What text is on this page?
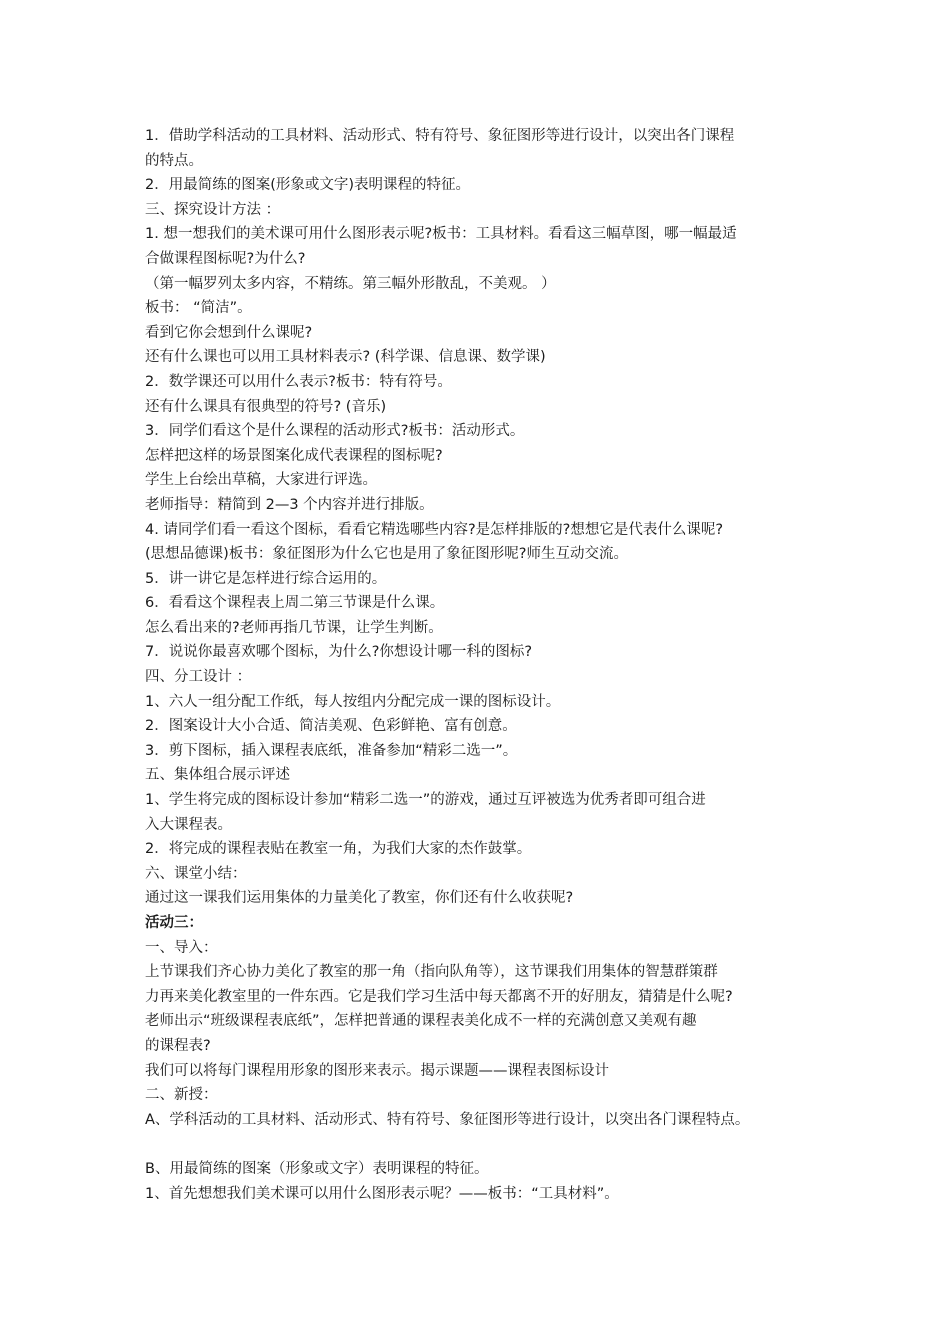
1．借助学科活动的工具材料、活动形式、特有符号、象征图形等进行设计，以突出各门课程
的特点。
2．用最简练的图案(形象或文字)表明课程的特征。
三、探究设计方法 ：
1. 想一想我们的美术课可用什么图形表示呢?板书：工具材料。看看这三幅草图，哪一幅最适
合做课程图标呢?为什么?
（第一幅罗列太多内容，不精练。第三幅外形散乱，不美观。 ）
板书： “简洁”。
看到它你会想到什么课呢?
还有什么课也可以用工具材料表示? (科学课、信息课、数学课)
2．数学课还可以用什么表示?板书：特有符号。
还有什么课具有很典型的符号? (音乐)
3．同学们看这个是什么课程的活动形式?板书：活动形式。
怎样把这样的场景图案化成代表课程的图标呢?
学生上台绘出草稿，大家进行评选。
老师指导：精简到 2—3 个内容并进行排版。
4. 请同学们看一看这个图标，看看它精选哪些内容?是怎样排版的?想想它是代表什么课呢?
(思想品德课)板书：象征图形为什么它也是用了象征图形呢?师生互动交流。
5．讲一讲它是怎样进行综合运用的。
6．看看这个课程表上周二第三节课是什么课。
怎么看出来的?老师再指几节课，让学生判断。
7．说说你最喜欢哪个图标，为什么?你想设计哪一科的图标?
四、分工设计 ：
1、六人一组分配工作纸，每人按组内分配完成一课的图标设计。
2．图案设计大小合适、简洁美观、色彩鲜艳、富有创意。
3．剪下图标，插入课程表底纸，准备参加“精彩二选一”。
五、集体组合展示评述
1、学生将完成的图标设计参加“精彩二选一”的游戏，通过互评被选为优秀者即可组合进
入大课程表。
2．将完成的课程表贴在教室一角，为我们大家的杰作鼓掌。
六、课堂小结：
通过这一课我们运用集体的力量美化了教室，你们还有什么收获呢?
活动三：
一、导入：
上节课我们齐心协力美化了教室的那一角（指向队角等），这节课我们用集体的智慧群策群
力再来美化教室里的一件东西。它是我们学习生活中每天都离不开的好朋友，猜猜是什么呢?
老师出示“班级课程表底纸”，怎样把普通的课程表美化成不一样的充满创意又美观有趣
的课程表?
我们可以将每门课程用形象的图形来表示。揭示课题——课程表图标设计
二、新授：
A、学科活动的工具材料、活动形式、特有符号、象征图形等进行设计，以突出各门课程特点。
B、用最简练的图案（形象或文字）表明课程的特征。
1、首先想想我们美术课可以用什么图形表示呢？——板书：“工具材料”。
